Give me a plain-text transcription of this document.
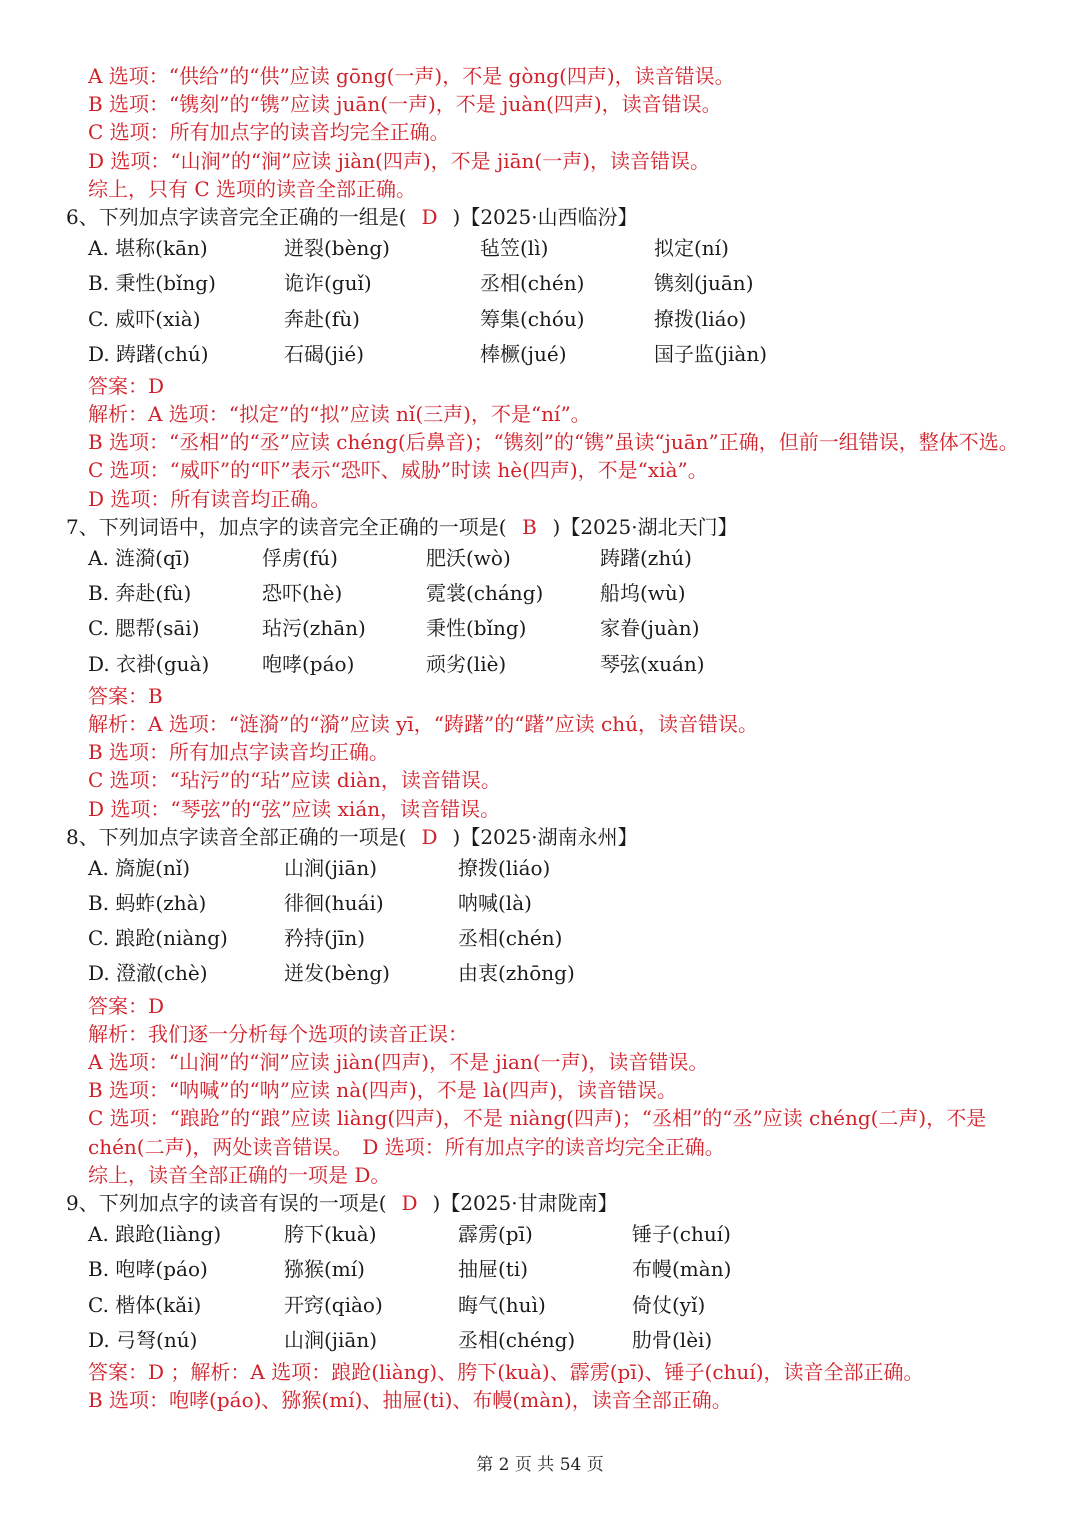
A 选项：“供给”的“供”应读 gōng(一声)，不是 gòng(四声)，读音错误。
B 选项：“镌刻”的“镌”应读 juān(一声)，不是 juàn(四声)，读音错误。
C 选项：所有加点字的读音均完全正确。
D 选项：“山涧”的“涧”应读 jiàn(四声)，不是 jiān(一声)，读音错误。
综上，只有 C 选项的读音全部正确。
6、下列加点字读音完全正确的一组是( D )【2025·山西临汾】
A. 堪称(kān)	迸裂(bèng)	毡笠(lì)	拟定(ní)
B. 秉性(bǐng)	诡诈(guǐ)	丞相(chén)	镌刻(juān)
C. 威吓(xià)	奔赴(fù)	筹集(chóu)	撩拨(liáo)
D. 踌躇(chú)	石碣(jié)	棒橛(jué)	国子监(jiàn)
答案：D
解析：A 选项：“拟定”的“拟”应读 nǐ(三声)，不是“ní”。
B 选项：“丞相”的“丞”应读 chéng(后鼻音)；“镌刻”的“镌”虽读“juān”正确，但前一组错误，整体不选。
C 选项：“威吓”的“吓”表示“恐吓、威胁”时读 hè(四声)，不是“xià”。
D 选项：所有读音均正确。
7、下列词语中，加点字的读音完全正确的一项是( B )【2025·湖北天门】
A. 涟漪(qī)	俘虏(fú)	肥沃(wò)	踌躇(zhú)
B. 奔赴(fù)	恐吓(hè)	霓裳(cháng)	船坞(wù)
C. 腮帮(sāi)	玷污(zhān)	秉性(bǐng)	家眷(juàn)
D. 衣褂(guà)	咆哮(páo)	顽劣(liè)	琴弦(xuán)
答案：B
解析：A 选项：“涟漪”的“漪”应读 yī，“踌躇”的“躇”应读 chú，读音错误。
B 选项：所有加点字读音均正确。
C 选项：“玷污”的“玷”应读 diàn，读音错误。
D 选项：“琴弦”的“弦”应读 xián，读音错误。
8、下列加点字读音全部正确的一项是( D )【2025·湖南永州】
A. 旖旎(nǐ)	山涧(jiān)	撩拨(liáo)
B. 蚂蚱(zhà)	徘徊(huái)	呐喊(là)
C. 踉跄(niàng)	矜持(jīn)	丞相(chén)
D. 澄澈(chè)	迸发(bèng)	由衷(zhōng)
答案：D
解析：我们逐一分析每个选项的读音正误：
A 选项：“山涧”的“涧”应读 jiàn(四声)，不是 jian(一声)，读音错误。
B 选项：“呐喊”的“呐”应读 nà(四声)，不是 là(四声)，读音错误。
C 选项：“踉跄”的“踉”应读 liàng(四声)，不是 niàng(四声)；“丞相”的“丞”应读 chéng(二声)，不是 chén(二声)，两处读音错误。　D 选项：所有加点字的读音均完全正确。
综上，读音全部正确的一项是 D。
9、下列加点字的读音有误的一项是( D )【2025·甘肃陇南】
A. 踉跄(liàng)	胯下(kuà)	霹雳(pī)	锤子(chuí)
B. 咆哮(páo)	猕猴(mí)	抽屉(ti)	布幔(màn)
C. 楷体(kǎi)	开窍(qiào)	晦气(huì)	倚仗(yǐ)
D. 弓弩(nú)	山涧(jiān)	丞相(chéng)	肋骨(lèi)
答案：D ；解析：A 选项：踉跄(liàng)、胯下(kuà)、霹雳(pī)、锤子(chuí)，读音全部正确。
B 选项：咆哮(páo)、猕猴(mí)、抽屉(ti)、布幔(màn)，读音全部正确。
第 2 页 共 54 页
